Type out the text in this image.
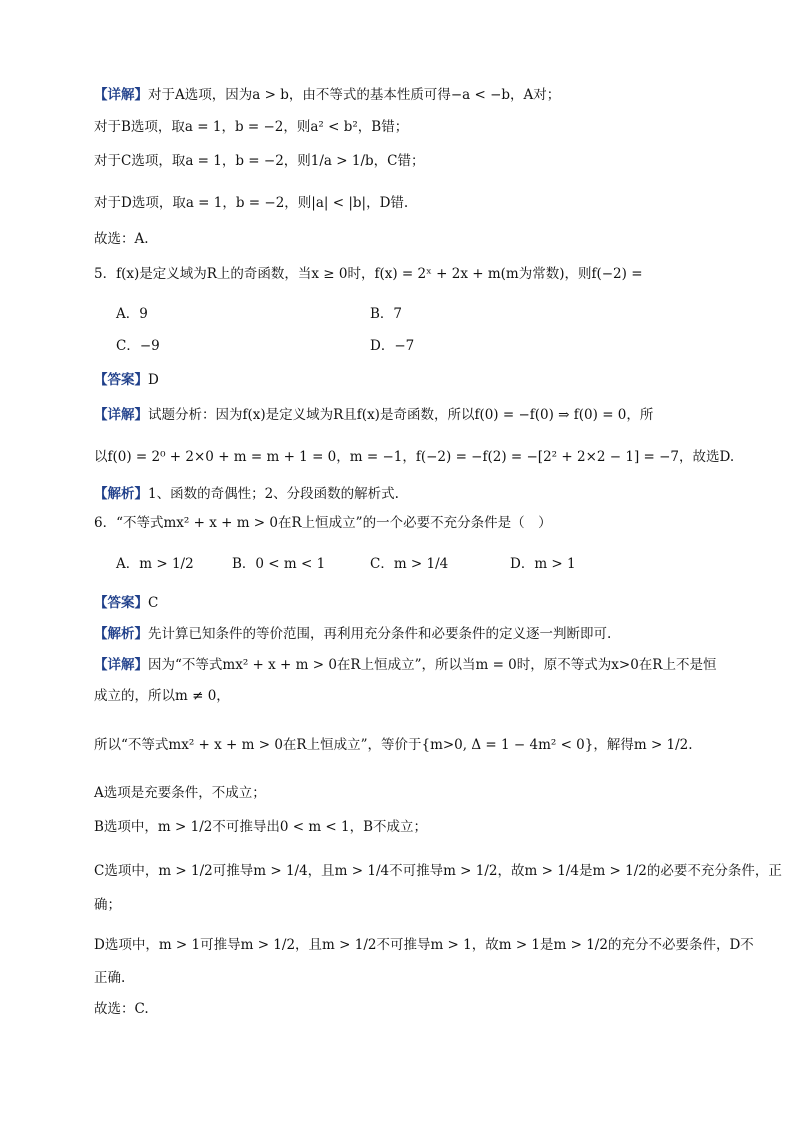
【详解】对于A选项，因为a > b，由不等式的基本性质可得−a < −b，A对；
对于B选项，取a = 1，b = −2，则a² < b²，B错；
对于C选项，取a = 1，b = −2，则1/a > 1/b，C错；
对于D选项，取a = 1，b = −2，则|a| < |b|，D错.
故选：A.
5．f(x)是定义域为R上的奇函数，当x ≥ 0时，f(x) = 2ˣ + 2x + m(m为常数)，则f(−2) =
A．9	B．7
C．−9	D．−7
【答案】D
【详解】试题分析：因为f(x)是定义域为R且f(x)是奇函数，所以f(0) = −f(0) ⇒ f(0) = 0，所
以f(0) = 2⁰ + 2×0 + m = m + 1 = 0，m = −1，f(−2) = −f(2) = −[2² + 2×2 − 1] = −7，故选D.
【解析】1、函数的奇偶性；2、分段函数的解析式.
6．“不等式mx² + x + m > 0在R上恒成立”的一个必要不充分条件是（　）
A．m > 1/2	B．0 < m < 1	C．m > 1/4	D．m > 1
【答案】C
【解析】先计算已知条件的等价范围，再利用充分条件和必要条件的定义逐一判断即可.
【详解】因为“不等式mx² + x + m > 0在R上恒成立”，所以当m = 0时，原不等式为x>0在R上不是恒
成立的，所以m ≠ 0，
所以“不等式mx² + x + m > 0在R上恒成立”，等价于{m>0, Δ = 1 − 4m² < 0}，解得m > 1/2.
A选项是充要条件，不成立；
B选项中，m > 1/2不可推导出0 < m < 1，B不成立；
C选项中，m > 1/2可推导m > 1/4，且m > 1/4不可推导m > 1/2，故m > 1/4是m > 1/2的必要不充分条件，正
确；
D选项中，m > 1可推导m > 1/2，且m > 1/2不可推导m > 1，故m > 1是m > 1/2的充分不必要条件，D不
正确.
故选：C.
